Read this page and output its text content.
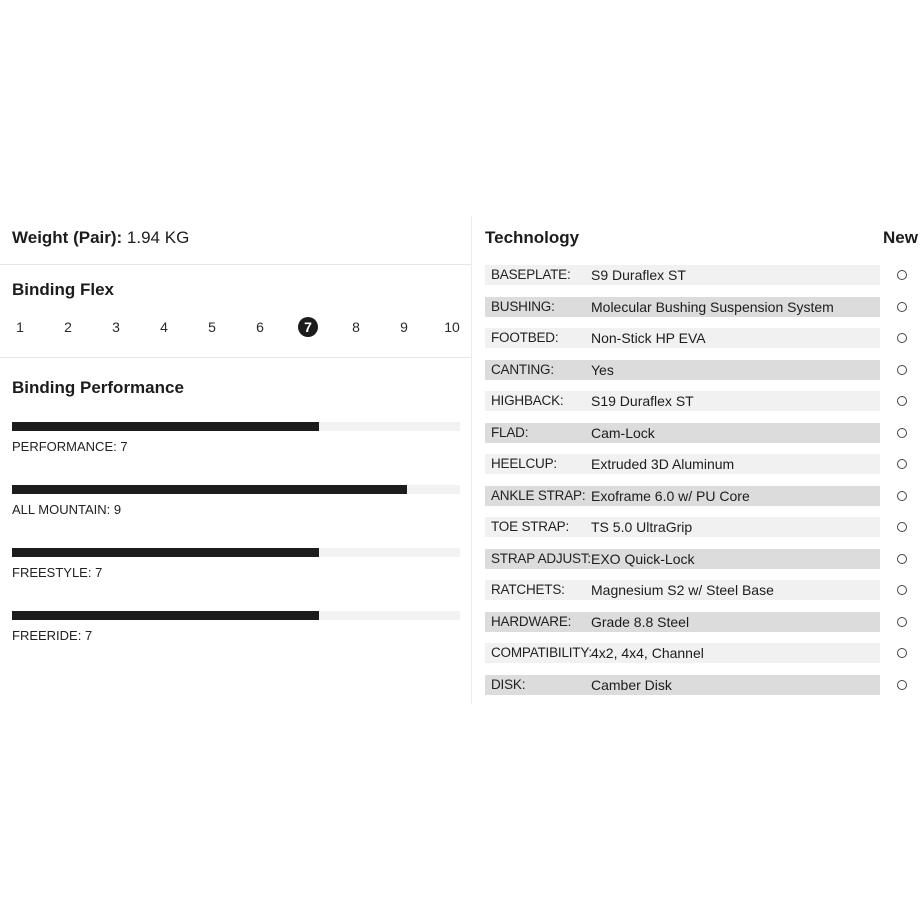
Weight (Pair): 1.94 KG
Binding Flex
1	2	3	4	5	6	7	8	9	10
Binding Performance
PERFORMANCE: 7
ALL MOUNTAIN: 9
FREESTYLE: 7
FREERIDE: 7
Technology	New
BASEPLATE: S9 Duraflex ST
BUSHING:	Molecular Bushing Suspension System
FOOTBED: Non-Stick HP EVA
CANTING:	Yes
HIGHBACK: S19 Duraflex ST
FLAD:	Cam-Lock
HEELCUP: Extruded 3D Aluminum
ANKLE STRAP: Exoframe 6.0 w/ PU Core
TOE STRAP: TS 5.0 UltraGrip
STRAP ADJUST: EXO Quick-Lock
RATCHETS: Magnesium S2 w/ Steel Base
HARDWARE: Grade 8.8 Steel
COMPATIBILITY: 4x2, 4x4, Channel
DISK:	Camber Disk
